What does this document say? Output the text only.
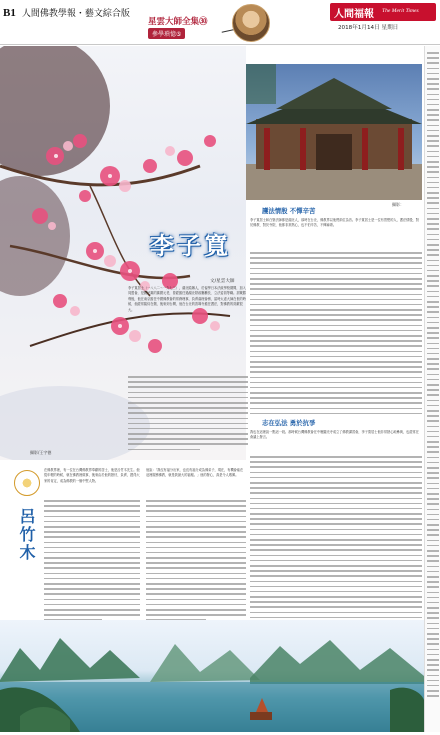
B1 人間佛教學報・藝文綜合版
星雲大師全集㉚
參學瑣憶⑤
人間福報 The Merit Times
2018年1月14日 星期日
攝影/王宇德
攝影：
李子寬
文/星雲大師
李子寬居士（一八八二～一九七三），湖北隨縣人，於留學日本法政學校期間，加入同盟會，是國民黨的黨國元老，曾經擔任過湖北財政廳廳長、立法委員等職。抗戰勝利後，他在南京擔任中國佛教會的常務理事，負責處理會務，當時太虛大師在世的時候，他經常隨侍在側，後來到台灣，他在台北的善導寺擔任護法，對佛教的貢獻很大。
護法情殷 不憚辛苦
李子寬居士和白聖法師都是湖北人，那時在台北，佛教界以他們兩位為首。李子寬居士是一位有思想的人，護法情殷，對於佛教、對於寺院，他都非常熱心，也不怕辛苦，不憚麻煩。
志在弘法 勇於抗爭
我也在這裡說一點這一段。那時候台灣佛教會在中壢圓光寺成立了佛教講習會，李子寬居士他非常熱心地參與，也經常在會議上發言。
呂竹木
在佛教界裡，有一位在台灣佛教界奉獻的居士，他是呂竹木先生。他從年輕的時候，就在佛教裡做事，後來由於他的熱忱、負責，獲得大家的肯定，成為佛教的一個中堅人物。
他說：「我沒有福分出家，也沒有福分成為佛弟子，現在，有機會能在這裡服務佛教，就是我最大的福報。」他的發心，真是令人敬佩。
